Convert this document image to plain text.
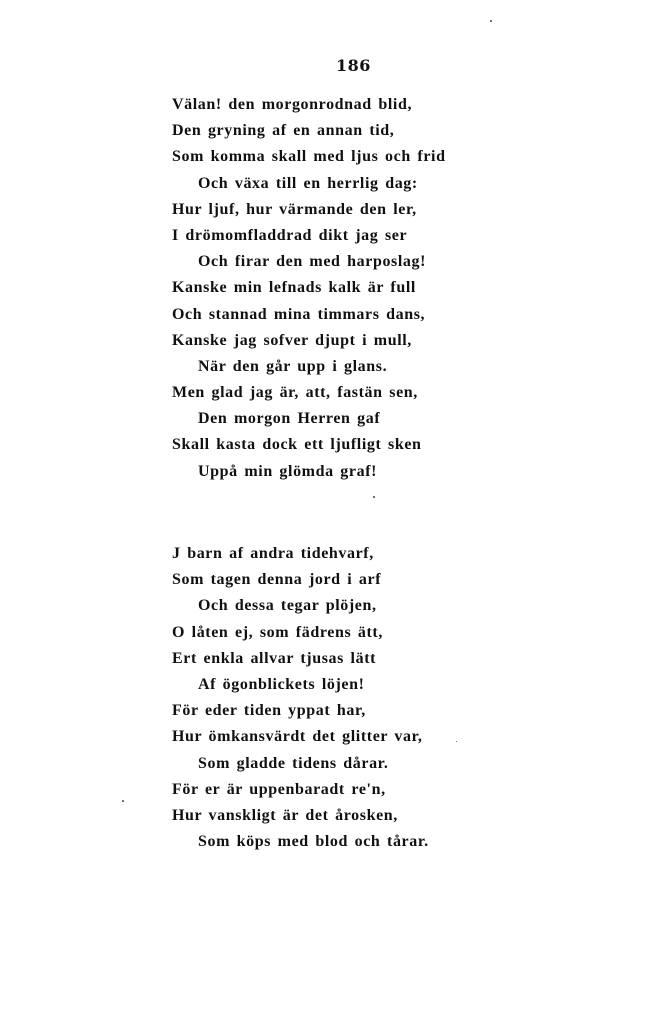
186
Välan! den morgonrodnad blid,
Den gryning af en annan tid,
Som komma skall med ljus och frid
Och växa till en herrlig dag:
Hur ljuf, hur värmande den ler,
I drömomfladdrad dikt jag ser
Och firar den med harposlag!
Kanske min lefnads kalk är full
Och stannad mina timmars dans,
Kanske jag sofver djupt i mull,
När den går upp i glans.
Men glad jag är, att, fastän sen,
Den morgon Herren gaf
Skall kasta dock ett ljufligt sken
Uppå min glömda graf!
J barn af andra tidehvarf,
Som tagen denna jord i arf
Och dessa tegar plöjen,
O låten ej, som fädrens ätt,
Ert enkla allvar tjusas lätt
Af ögonblickets löjen!
För eder tiden yppat har,
Hur ömkansvärdt det glitter var,
Som gladde tidens dårar.
För er är uppenbaradt re'n,
Hur vanskligt är det årosken,
Som köps med blod och tårar.
